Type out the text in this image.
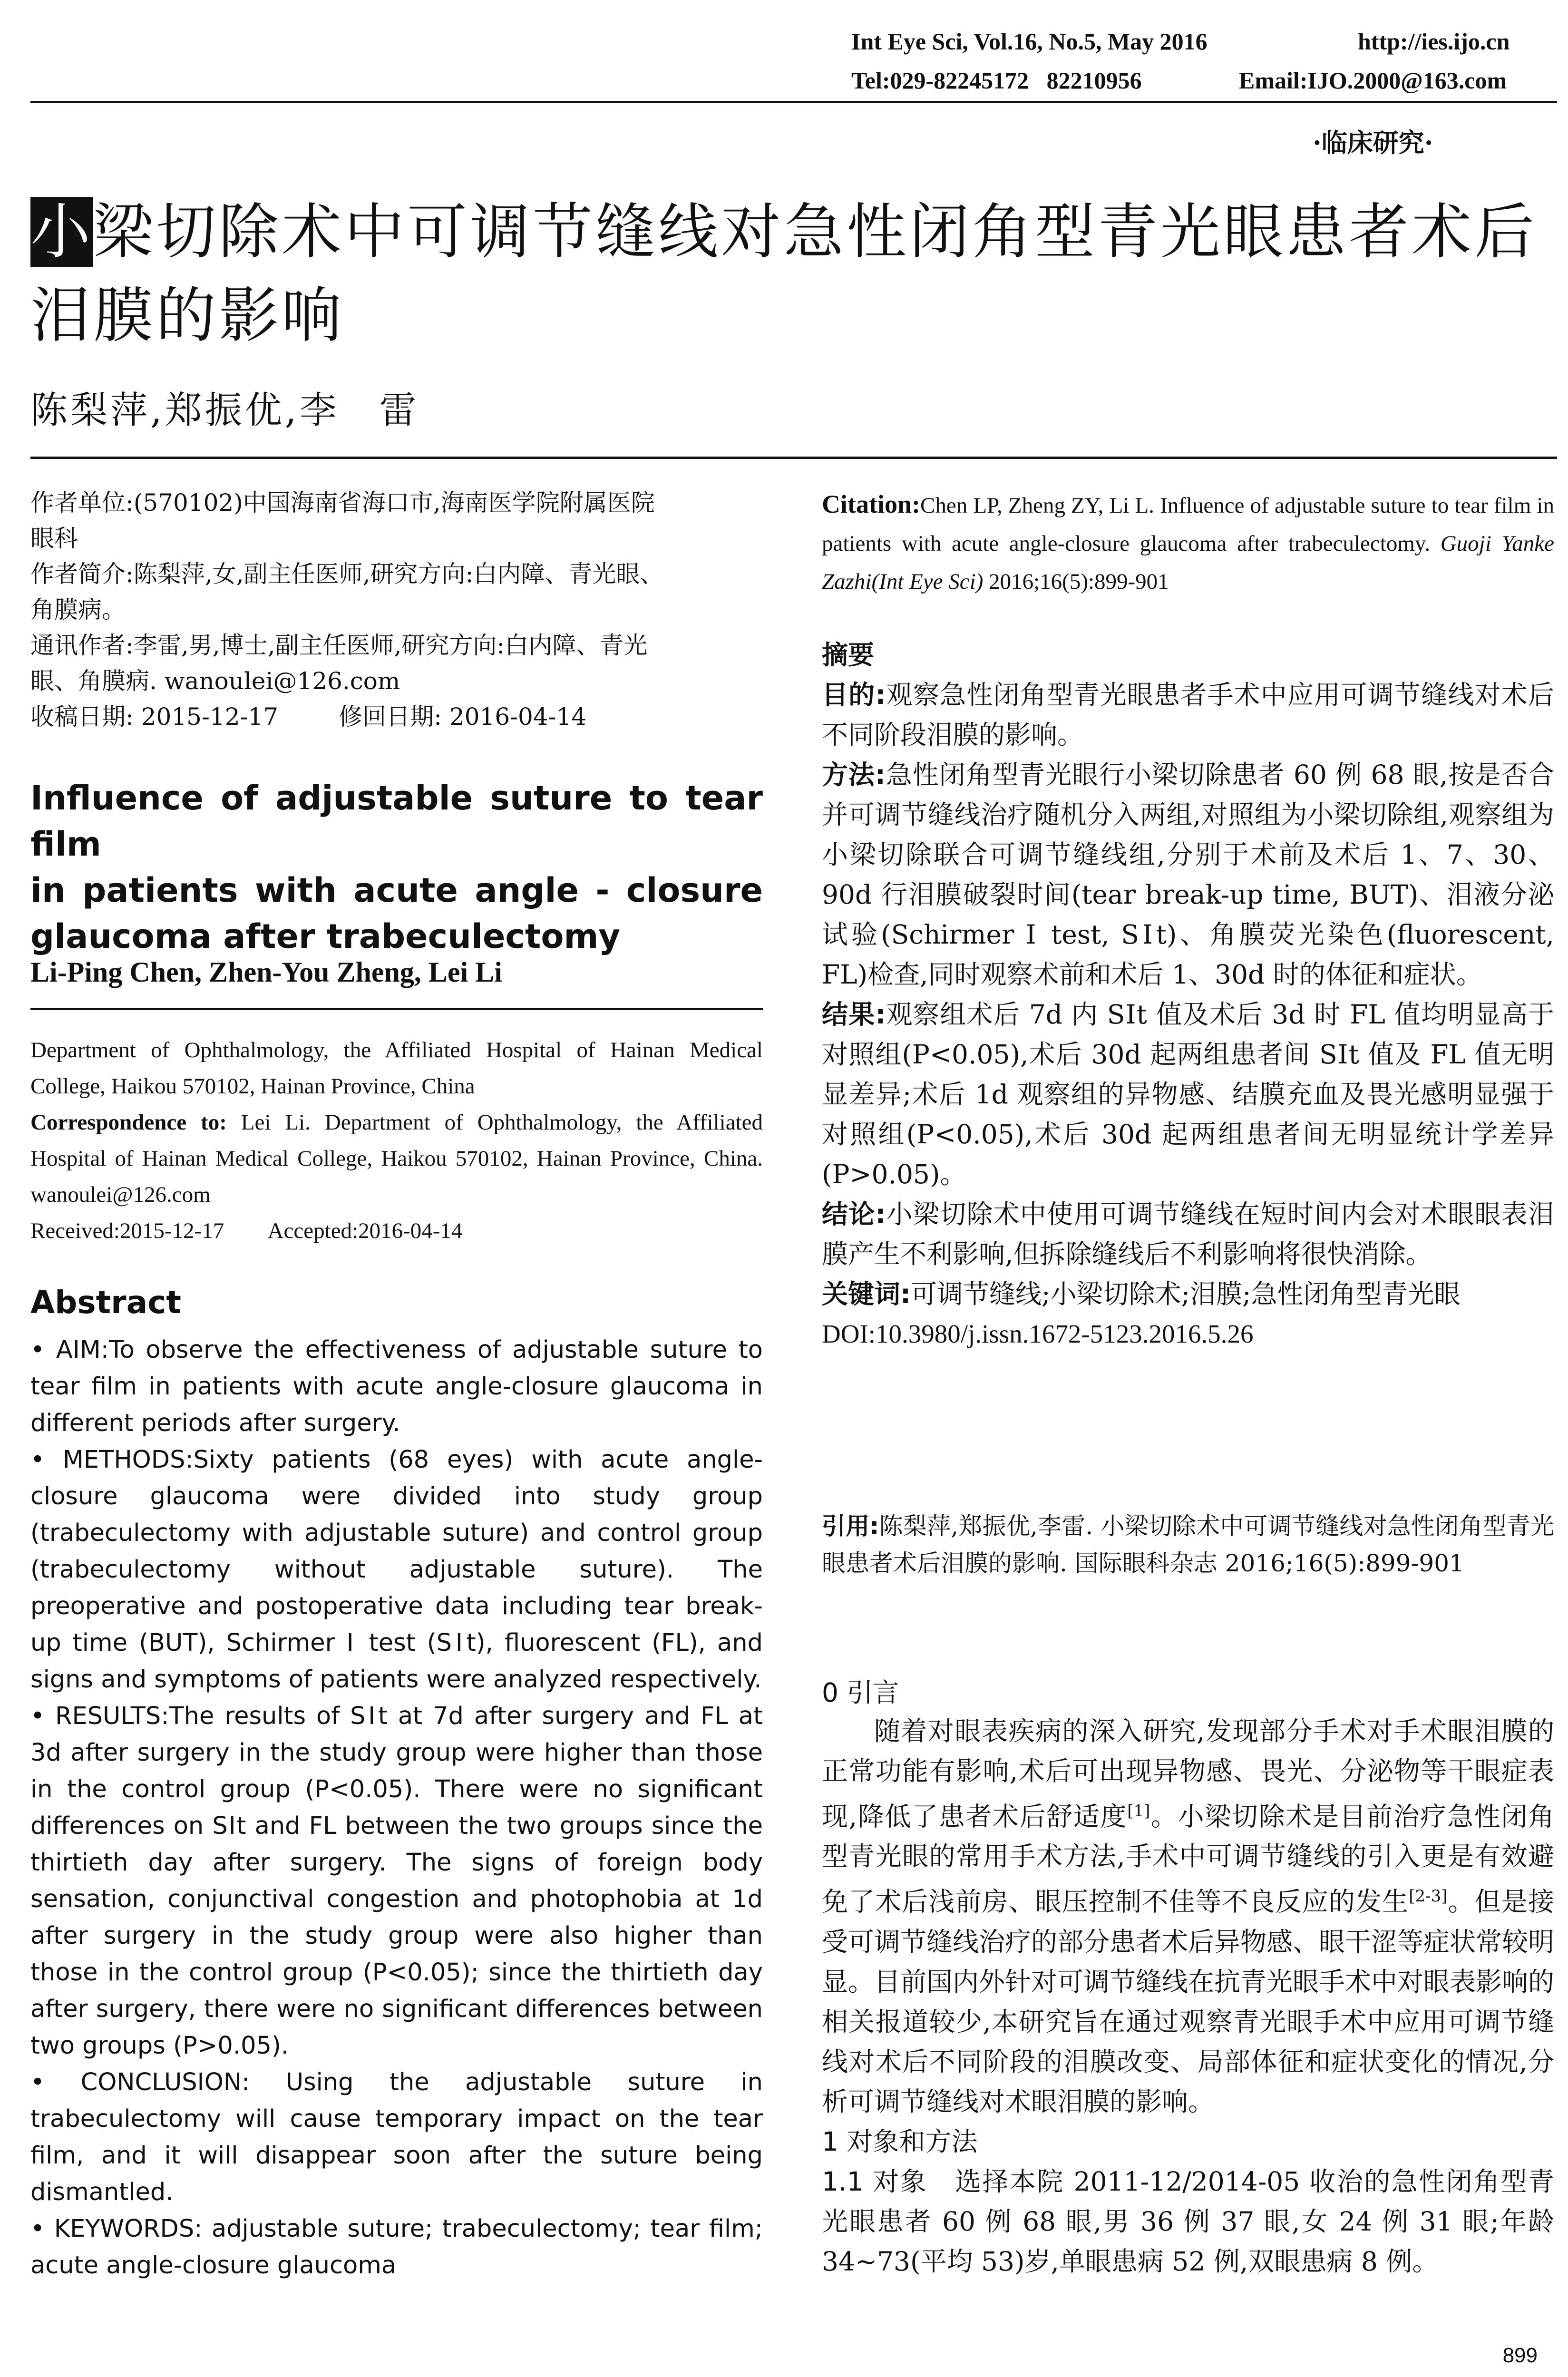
Int Eye Sci, Vol.16, No.5, May 2016	http://ies.ijo.cn
Tel:029-82245172   82210956	Email:IJO.2000@163.com
·临床研究·
小梁切除术中可调节缝线对急性闭角型青光眼患者术后
泪膜的影响
陈梨萍,郑振优,李　雷

作者单位:(570102)中国海南省海口市,海南医学院附属医院

眼科

作者简介:陈梨萍,女,副主任医师,研究方向:白内障、青光眼、

角膜病。

通讯作者:李雷,男,博士,副主任医师,研究方向:白内障、青光

眼、角膜病. wanoulei@126.com

收稿日期: 2015-12-17        修回日期: 2016-04-14

Influence of adjustable suture to tear film
in patients with acute angle - closure
glaucoma after trabeculectomy
Li-Ping Chen, Zhen-You Zheng, Lei Li
Department of Ophthalmology, the Affiliated Hospital of Hainan Medical College, Haikou 570102, Hainan Province, China
Correspondence to: Lei Li. Department of Ophthalmology, the Affiliated Hospital of Hainan Medical College, Haikou 570102, Hainan Province, China. wanoulei@126.com
Received:2015-12-17        Accepted:2016-04-14
Abstract

• AIM:To observe the effectiveness of adjustable suture to tear film in patients with acute angle-closure glaucoma in different periods after surgery.

• METHODS:Sixty patients (68 eyes) with acute angle-closure glaucoma were divided into study group (trabeculectomy with adjustable suture) and control group (trabeculectomy without adjustable suture). The preoperative and postoperative data including tear break-up time (BUT), Schirmer Ⅰ test (SⅠt), fluorescent (FL), and signs and symptoms of patients were analyzed respectively.

• RESULTS:The results of SⅠt at 7d after surgery and FL at 3d after surgery in the study group were higher than those in the control group (P<0.05). There were no significant differences on SⅠt and FL between the two groups since the thirtieth day after surgery. The signs of foreign body sensation, conjunctival congestion and photophobia at 1d after surgery in the study group were also higher than those in the control group (P<0.05); since the thirtieth day after surgery, there were no significant differences between two groups (P>0.05).

• CONCLUSION: Using the adjustable suture in trabeculectomy will cause temporary impact on the tear film, and it will disappear soon after the suture being dismantled.

• KEYWORDS: adjustable suture; trabeculectomy; tear film; acute angle-closure glaucoma

Citation:Chen LP, Zheng ZY, Li L. Influence of adjustable suture to tear film in patients with acute angle-closure glaucoma after trabeculectomy. Guoji Yanke Zazhi(Int Eye Sci) 2016;16(5):899-901

摘要

目的:观察急性闭角型青光眼患者手术中应用可调节缝线对术后不同阶段泪膜的影响。

方法:急性闭角型青光眼行小梁切除患者 60 例 68 眼,按是否合并可调节缝线治疗随机分入两组,对照组为小梁切除组,观察组为小梁切除联合可调节缝线组,分别于术前及术后 1、7、30、90d 行泪膜破裂时间(tear break-up time, BUT)、泪液分泌试验(Schirmer Ⅰ test, SⅠt)、角膜荧光染色(fluorescent, FL)检查,同时观察术前和术后 1、30d 时的体征和症状。

结果:观察组术后 7d 内 SⅠt 值及术后 3d 时 FL 值均明显高于对照组(P<0.05),术后 30d 起两组患者间 SⅠt 值及 FL 值无明显差异;术后 1d 观察组的异物感、结膜充血及畏光感明显强于对照组(P<0.05),术后 30d 起两组患者间无明显统计学差异(P>0.05)。

结论:小梁切除术中使用可调节缝线在短时间内会对术眼眼表泪膜产生不利影响,但拆除缝线后不利影响将很快消除。

关键词:可调节缝线;小梁切除术;泪膜;急性闭角型青光眼

DOI:10.3980/j.issn.1672-5123.2016.5.26

引用:陈梨萍,郑振优,李雷. 小梁切除术中可调节缝线对急性闭角型青光眼患者术后泪膜的影响. 国际眼科杂志 2016;16(5):899-901

0 引言

随着对眼表疾病的深入研究,发现部分手术对手术眼泪膜的正常功能有影响,术后可出现异物感、畏光、分泌物等干眼症表现,降低了患者术后舒适度[1]。小梁切除术是目前治疗急性闭角型青光眼的常用手术方法,手术中可调节缝线的引入更是有效避免了术后浅前房、眼压控制不佳等不良反应的发生[2-3]。但是接受可调节缝线治疗的部分患者术后异物感、眼干涩等症状常较明显。目前国内外针对可调节缝线在抗青光眼手术中对眼表影响的相关报道较少,本研究旨在通过观察青光眼手术中应用可调节缝线对术后不同阶段的泪膜改变、局部体征和症状变化的情况,分析可调节缝线对术眼泪膜的影响。

1 对象和方法

1.1 对象　选择本院 2011-12/2014-05 收治的急性闭角型青光眼患者 60 例 68 眼,男 36 例 37 眼,女 24 例 31 眼;年龄 34~73(平均 53)岁,单眼患病 52 例,双眼患病 8 例。

899
